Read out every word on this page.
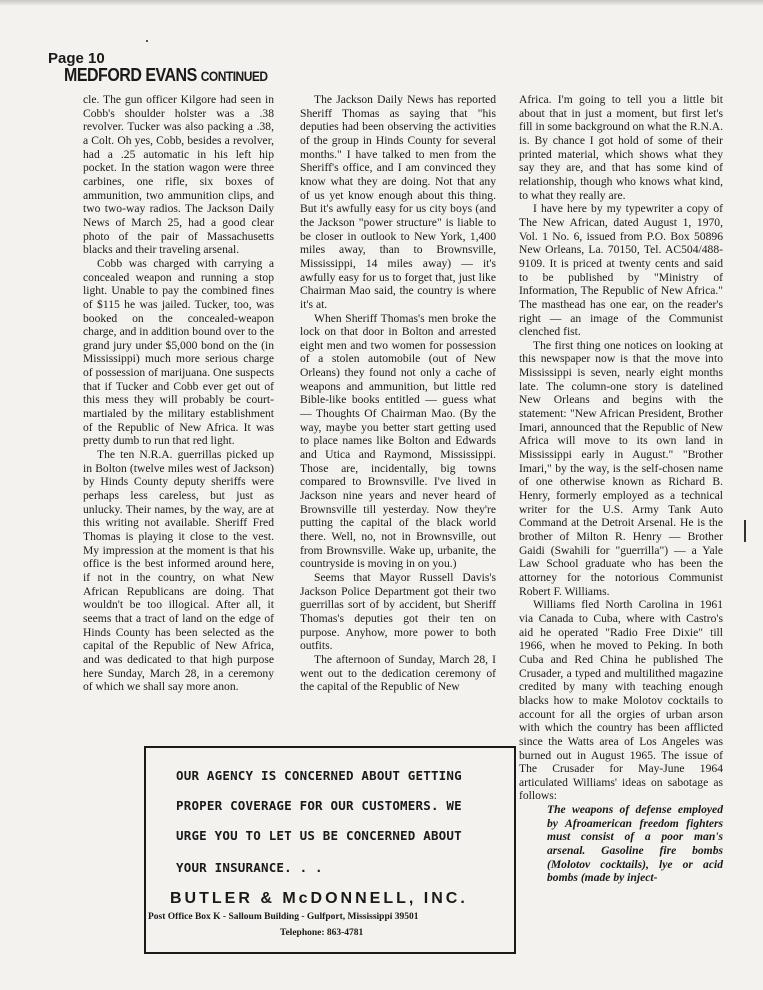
Page 10
MEDFORD EVANS CONTINUED

cle. The gun officer Kilgore had seen in Cobb's shoulder holster was a .38 revolver. Tucker was also packing a .38, a Colt. Oh yes, Cobb, besides a revolver, had a .25 automatic in his left hip pocket. In the station wagon were three carbines, one rifle, six boxes of ammunition, two ammunition clips, and two two-way radios. The Jackson Daily News of March 25, had a good clear photo of the pair of Massachusetts blacks and their traveling arsenal.

Cobb was charged with carrying a concealed weapon and running a stop light. Unable to pay the combined fines of $115 he was jailed. Tucker, too, was booked on the concealed-weapon charge, and in addition bound over to the grand jury under $5,000 bond on the (in Mississippi) much more serious charge of possession of marijuana. One suspects that if Tucker and Cobb ever get out of this mess they will probably be court-martialed by the military establishment of the Republic of New Africa. It was pretty dumb to run that red light.

The ten N.R.A. guerrillas picked up in Bolton (twelve miles west of Jackson) by Hinds County deputy sheriffs were perhaps less careless, but just as unlucky. Their names, by the way, are at this writing not available. Sheriff Fred Thomas is playing it close to the vest. My impression at the moment is that his office is the best informed around here, if not in the country, on what New African Republicans are doing. That wouldn't be too illogical. After all, it seems that a tract of land on the edge of Hinds County has been selected as the capital of the Republic of New Africa, and was dedicated to that high purpose here Sunday, March 28, in a ceremony of which we shall say more anon.

The Jackson Daily News has reported Sheriff Thomas as saying that "his deputies had been observing the activities of the group in Hinds County for several months." I have talked to men from the Sheriff's office, and I am convinced they know what they are doing. Not that any of us yet know enough about this thing. But it's awfully easy for us city boys (and the Jackson "power structure" is liable to be closer in outlook to New York, 1,400 miles away, than to Brownsville, Mississippi, 14 miles away) — it's awfully easy for us to forget that, just like Chairman Mao said, the country is where it's at.

When Sheriff Thomas's men broke the lock on that door in Bolton and arrested eight men and two women for possession of a stolen automobile (out of New Orleans) they found not only a cache of weapons and ammunition, but little red Bible-like books entitled — guess what — Thoughts Of Chairman Mao. (By the way, maybe you better start getting used to place names like Bolton and Edwards and Utica and Raymond, Mississippi. Those are, incidentally, big towns compared to Brownsville. I've lived in Jackson nine years and never heard of Brownsville till yesterday. Now they're putting the capital of the black world there. Well, no, not in Brownsville, out from Brownsville. Wake up, urbanite, the countryside is moving in on you.)

Seems that Mayor Russell Davis's Jackson Police Department got their two guerrillas sort of by accident, but Sheriff Thomas's deputies got their ten on purpose. Anyhow, more power to both outfits.

The afternoon of Sunday, March 28, I went out to the dedication ceremony of the capital of the Republic of New

Africa. I'm going to tell you a little bit about that in just a moment, but first let's fill in some background on what the R.N.A. is. By chance I got hold of some of their printed material, which shows what they say they are, and that has some kind of relationship, though who knows what kind, to what they really are.

I have here by my typewriter a copy of The New African, dated August 1, 1970, Vol. 1 No. 6, issued from P.O. Box 50896 New Orleans, La. 70150, Tel. AC504/488-9109. It is priced at twenty cents and said to be published by "Ministry of Information, The Republic of New Africa." The masthead has one ear, on the reader's right — an image of the Communist clenched fist.

The first thing one notices on looking at this newspaper now is that the move into Mississippi is seven, nearly eight months late. The column-one story is datelined New Orleans and begins with the statement: "New African President, Brother Imari, announced that the Republic of New Africa will move to its own land in Mississippi early in August." "Brother Imari," by the way, is the self-chosen name of one otherwise known as Richard B. Henry, formerly employed as a technical writer for the U.S. Army Tank Auto Command at the Detroit Arsenal. He is the brother of Milton R. Henry — Brother Gaidi (Swahili for "guerrilla") — a Yale Law School graduate who has been the attorney for the notorious Communist Robert F. Williams.

Williams fled North Carolina in 1961 via Canada to Cuba, where with Castro's aid he operated "Radio Free Dixie" till 1966, when he moved to Peking. In both Cuba and Red China he published The Crusader, a typed and multilithed magazine credited by many with teaching enough blacks how to make Molotov cocktails to account for all the orgies of urban arson with which the country has been afflicted since the Watts area of Los Angeles was burned out in August 1965. The issue of The Crusader for May-June 1964 articulated Williams' ideas on sabotage as follows:

The weapons of defense employed by Afroamerican freedom fighters must consist of a poor man's arsenal. Gasoline fire bombs (Molotov cocktails), lye or acid bombs (made by inject-

OUR AGENCY IS CONCERNED ABOUT GETTING
PROPER COVERAGE FOR OUR CUSTOMERS. WE
URGE YOU TO LET US BE CONCERNED ABOUT
YOUR INSURANCE. . .
BUTLER & McDONNELL, INC.
Post Office Box K - Salloum Building - Gulfport, Mississippi 39501
Telephone: 863-4781
